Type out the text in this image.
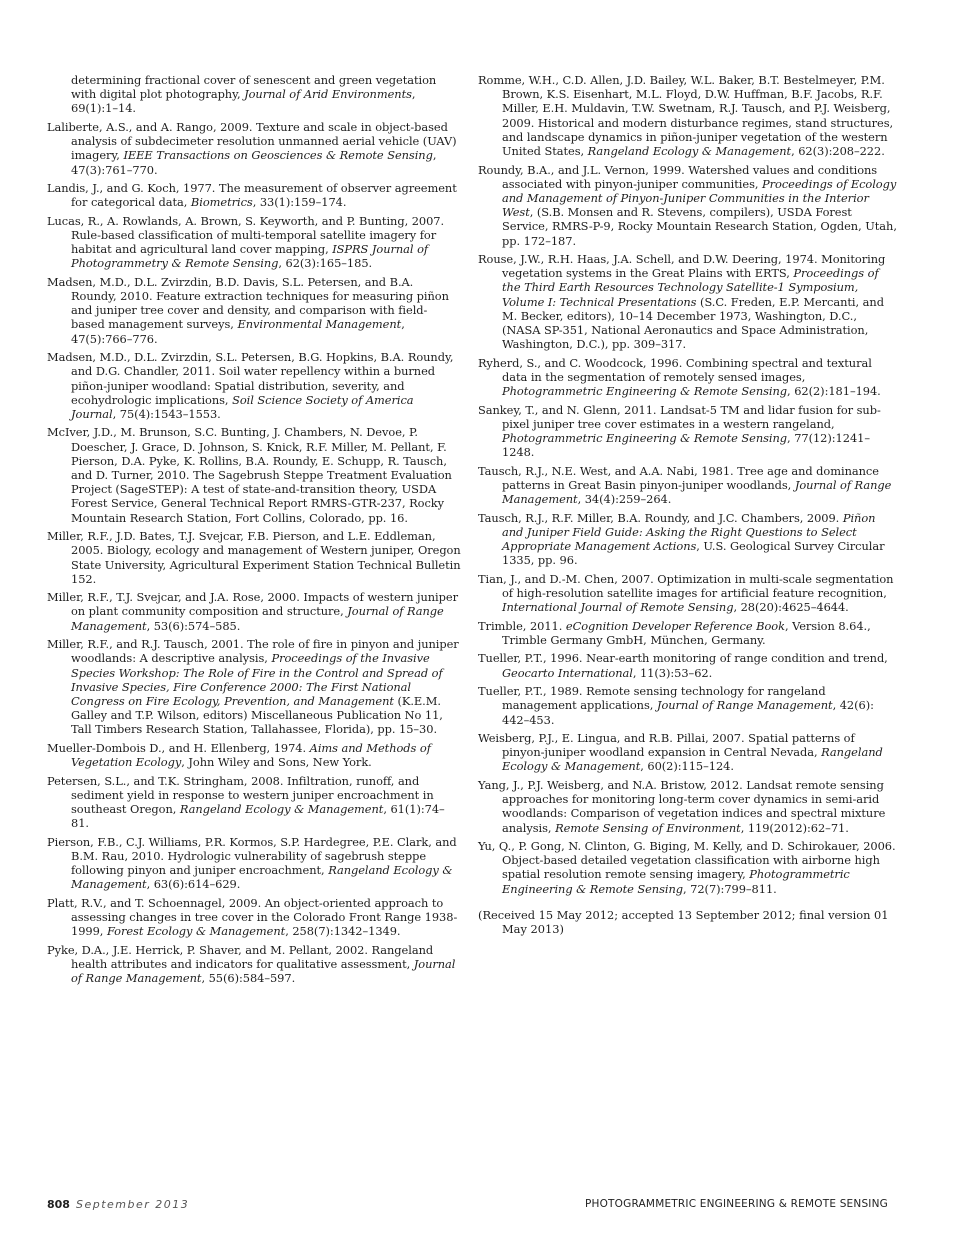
determining fractional cover of senescent and green vegetation with digital plot photography, Journal of Arid Environments, 69(1):1–14.

Laliberte, A.S., and A. Rango, 2009. Texture and scale in object-based analysis of subdecimeter resolution unmanned aerial vehicle (UAV) imagery, IEEE Transactions on Geosciences & Remote Sensing, 47(3):761–770.

Landis, J., and G. Koch, 1977. The measurement of observer agreement for categorical data, Biometrics, 33(1):159–174.

Lucas, R., A. Rowlands, A. Brown, S. Keyworth, and P. Bunting, 2007. Rule-based classification of multi-temporal satellite imagery for habitat and agricultural land cover mapping, ISPRS Journal of Photogrammetry & Remote Sensing, 62(3):165–185.

Madsen, M.D., D.L. Zvirzdin, B.D. Davis, S.L. Petersen, and B.A. Roundy, 2010. Feature extraction techniques for measuring piñon and juniper tree cover and density, and comparison with field-based management surveys, Environmental Management, 47(5):766–776.

Madsen, M.D., D.L. Zvirzdin, S.L. Petersen, B.G. Hopkins, B.A. Roundy, and D.G. Chandler, 2011. Soil water repellency within a burned piñon-juniper woodland: Spatial distribution, severity, and ecohydrologic implications, Soil Science Society of America Journal, 75(4):1543–1553.

McIver, J.D., M. Brunson, S.C. Bunting, J. Chambers, N. Devoe, P. Doescher, J. Grace, D. Johnson, S. Knick, R.F. Miller, M. Pellant, F. Pierson, D.A. Pyke, K. Rollins, B.A. Roundy, E. Schupp, R. Tausch, and D. Turner, 2010. The Sagebrush Steppe Treatment Evaluation Project (SageSTEP): A test of state-and-transition theory, USDA Forest Service, General Technical Report RMRS-GTR-237, Rocky Mountain Research Station, Fort Collins, Colorado, pp. 16.

Miller, R.F., J.D. Bates, T.J. Svejcar, F.B. Pierson, and L.E. Eddleman, 2005. Biology, ecology and management of Western juniper, Oregon State University, Agricultural Experiment Station Technical Bulletin 152.

Miller, R.F., T.J. Svejcar, and J.A. Rose, 2000. Impacts of western juniper on plant community composition and structure, Journal of Range Management, 53(6):574–585.

Miller, R.F., and R.J. Tausch, 2001. The role of fire in pinyon and juniper woodlands: A descriptive analysis, Proceedings of the Invasive Species Workshop: The Role of Fire in the Control and Spread of Invasive Species, Fire Conference 2000: The First National Congress on Fire Ecology, Prevention, and Management (K.E.M. Galley and T.P. Wilson, editors) Miscellaneous Publication No 11, Tall Timbers Research Station, Tallahassee, Florida), pp. 15–30.

Mueller-Dombois D., and H. Ellenberg, 1974. Aims and Methods of Vegetation Ecology, John Wiley and Sons, New York.

Petersen, S.L., and T.K. Stringham, 2008. Infiltration, runoff, and sediment yield in response to western juniper encroachment in southeast Oregon, Rangeland Ecology & Management, 61(1):74–81.

Pierson, F.B., C.J. Williams, P.R. Kormos, S.P. Hardegree, P.E. Clark, and B.M. Rau, 2010. Hydrologic vulnerability of sagebrush steppe following pinyon and juniper encroachment, Rangeland Ecology & Management, 63(6):614–629.

Platt, R.V., and T. Schoennagel, 2009. An object-oriented approach to assessing changes in tree cover in the Colorado Front Range 1938-1999, Forest Ecology & Management, 258(7):1342–1349.

Pyke, D.A., J.E. Herrick, P. Shaver, and M. Pellant, 2002. Rangeland health attributes and indicators for qualitative assessment, Journal of Range Management, 55(6):584–597.

Romme, W.H., C.D. Allen, J.D. Bailey, W.L. Baker, B.T. Bestelmeyer, P.M. Brown, K.S. Eisenhart, M.L. Floyd, D.W. Huffman, B.F. Jacobs, R.F. Miller, E.H. Muldavin, T.W. Swetnam, R.J. Tausch, and P.J. Weisberg, 2009. Historical and modern disturbance regimes, stand structures, and landscape dynamics in piñon-juniper vegetation of the western United States, Rangeland Ecology & Management, 62(3):208–222.

Roundy, B.A., and J.L. Vernon, 1999. Watershed values and conditions associated with pinyon-juniper communities, Proceedings of Ecology and Management of Pinyon-Juniper Communities in the Interior West, (S.B. Monsen and R. Stevens, compilers), USDA Forest Service, RMRS-P-9, Rocky Mountain Research Station, Ogden, Utah, pp. 172–187.

Rouse, J.W., R.H. Haas, J.A. Schell, and D.W. Deering, 1974. Monitoring vegetation systems in the Great Plains with ERTS, Proceedings of the Third Earth Resources Technology Satellite-1 Symposium, Volume I: Technical Presentations (S.C. Freden, E.P. Mercanti, and M. Becker, editors), 10–14 December 1973, Washington, D.C., (NASA SP-351, National Aeronautics and Space Administration, Washington, D.C.), pp. 309–317.

Ryherd, S., and C. Woodcock, 1996. Combining spectral and textural data in the segmentation of remotely sensed images, Photogrammetric Engineering & Remote Sensing, 62(2):181–194.

Sankey, T., and N. Glenn, 2011. Landsat-5 TM and lidar fusion for sub-pixel juniper tree cover estimates in a western rangeland, Photogrammetric Engineering & Remote Sensing, 77(12):1241–1248.

Tausch, R.J., N.E. West, and A.A. Nabi, 1981. Tree age and dominance patterns in Great Basin pinyon-juniper woodlands, Journal of Range Management, 34(4):259–264.

Tausch, R.J., R.F. Miller, B.A. Roundy, and J.C. Chambers, 2009. Piñon and Juniper Field Guide: Asking the Right Questions to Select Appropriate Management Actions, U.S. Geological Survey Circular 1335, pp. 96.

Tian, J., and D.-M. Chen, 2007. Optimization in multi-scale segmentation of high-resolution satellite images for artificial feature recognition, International Journal of Remote Sensing, 28(20):4625–4644.

Trimble, 2011. eCognition Developer Reference Book, Version 8.64., Trimble Germany GmbH, München, Germany.

Tueller, P.T., 1996. Near-earth monitoring of range condition and trend, Geocarto International, 11(3):53–62.

Tueller, P.T., 1989. Remote sensing technology for rangeland management applications, Journal of Range Management, 42(6): 442–453.

Weisberg, P.J., E. Lingua, and R.B. Pillai, 2007. Spatial patterns of pinyon-juniper woodland expansion in Central Nevada, Rangeland Ecology & Management, 60(2):115–124.

Yang, J., P.J. Weisberg, and N.A. Bristow, 2012. Landsat remote sensing approaches for monitoring long-term cover dynamics in semi-arid woodlands: Comparison of vegetation indices and spectral mixture analysis, Remote Sensing of Environment, 119(2012):62–71.

Yu, Q., P. Gong, N. Clinton, G. Biging, M. Kelly, and D. Schirokauer, 2006. Object-based detailed vegetation classification with airborne high spatial resolution remote sensing imagery, Photogrammetric Engineering & Remote Sensing, 72(7):799–811.

(Received 15 May 2012; accepted 13 September 2012; final version 01 May 2013)
808 September 2013	PHOTOGRAMMETRIC ENGINEERING & REMOTE SENSING
